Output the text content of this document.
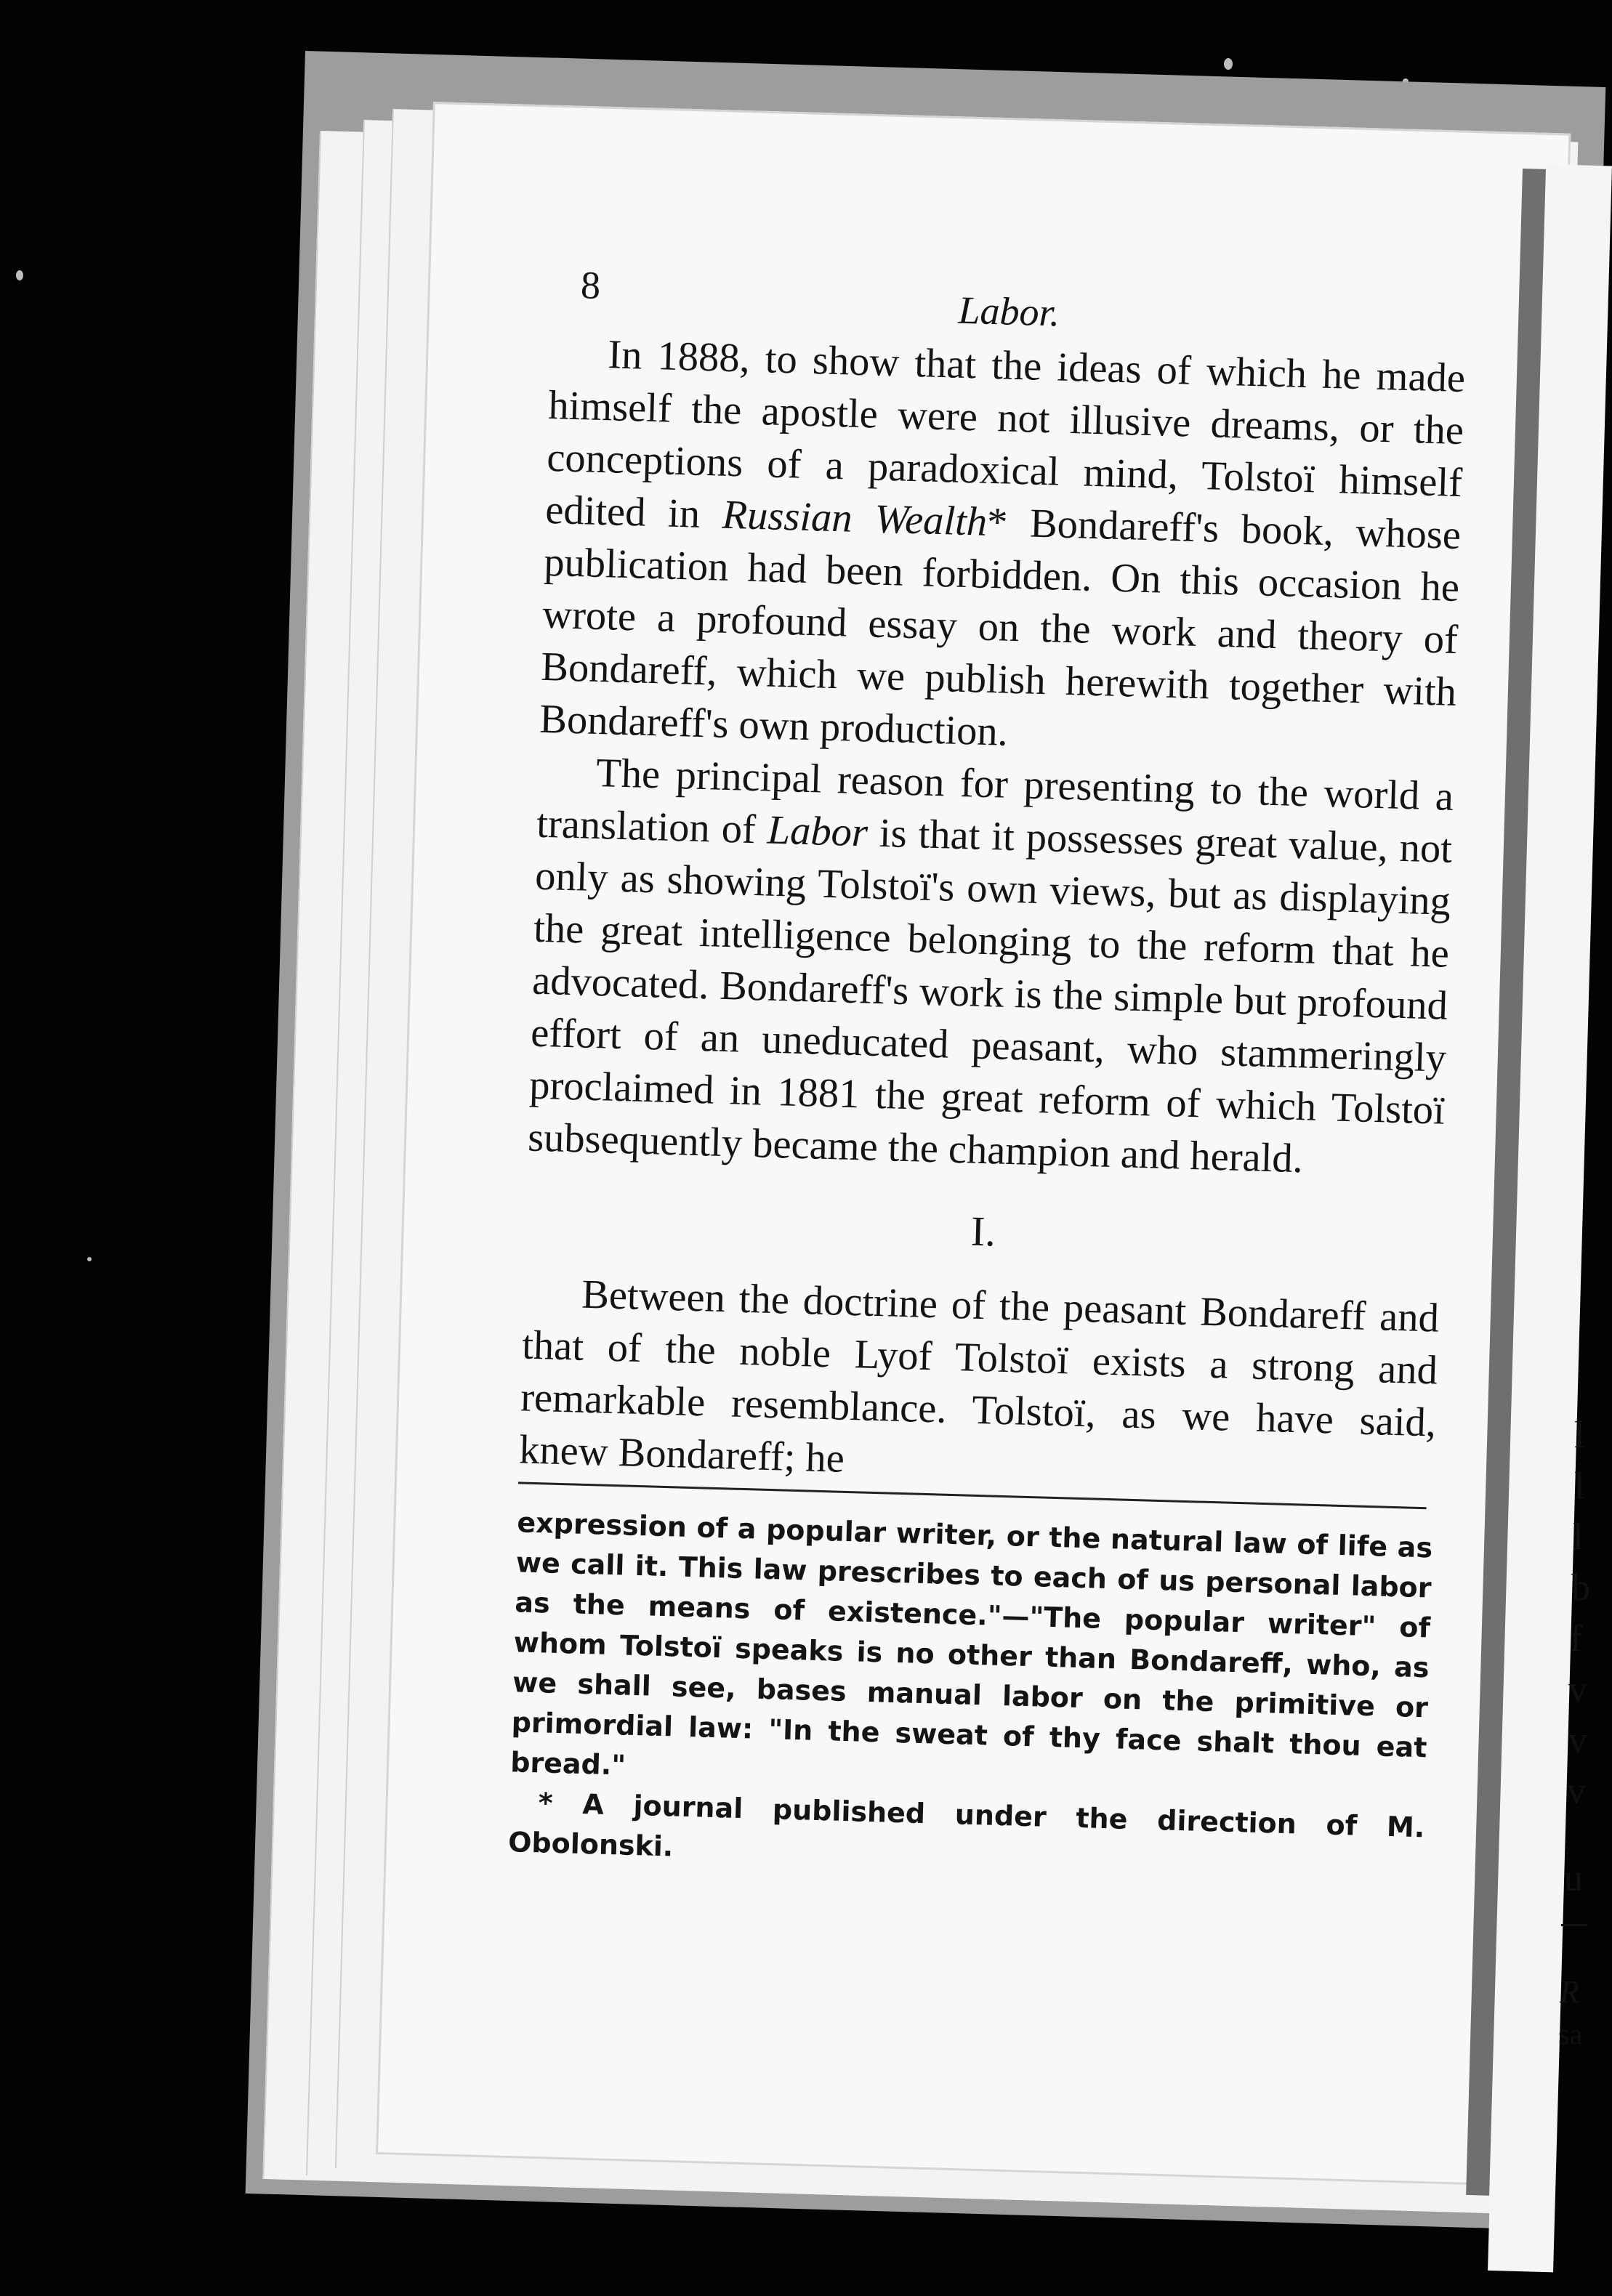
l
l
l
b
f
v
v
v
u
R
sa
8
Labor.

In 1888, to show that the ideas of which he made himself the apostle were not illusive dreams, or the conceptions of a paradoxical mind, Tolstoï himself edited in Russian Wealth* Bondareff's book, whose publication had been forbidden. On this occasion he wrote a profound essay on the work and theory of Bondareff, which we publish herewith together with Bondareff's own production.

The principal reason for presenting to the world a translation of Labor is that it possesses great value, not only as showing Tolstoï's own views, but as displaying the great intelligence belonging to the reform that he advocated. Bondareff's work is the simple but profound effort of an uneducated peasant, who stammeringly proclaimed in 1881 the great reform of which Tolstoï subsequently became the champion and herald.

I.

Between the doctrine of the peasant Bondareff and that of the noble Lyof Tolstoï exists a strong and remarkable resemblance. Tolstoï, as we have said, knew Bondareff; he

expression of a popular writer, or the natural law of life as we call it. This law prescribes to each of us personal labor as the means of existence."—"The popular writer" of whom Tolstoï speaks is no other than Bondareff, who, as we shall see, bases manual labor on the primitive or primordial law: "In the sweat of thy face shalt thou eat bread."

* A journal published under the direction of M. Obolonski.
